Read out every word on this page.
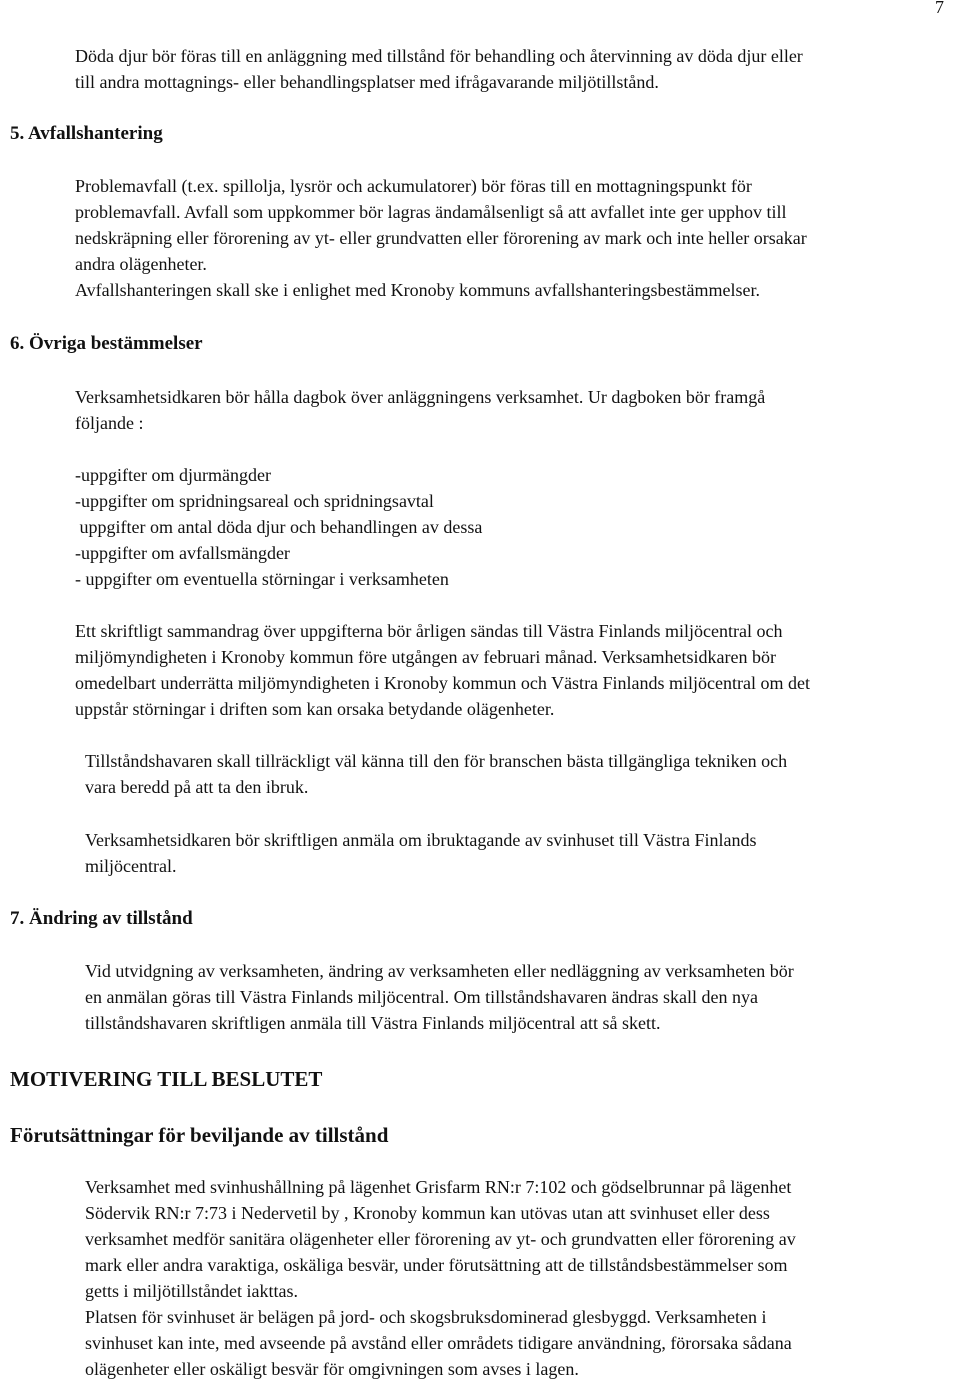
7

Döda djur bör föras till en anläggning med tillstånd för behandling och återvinning av döda djur eller
till andra mottagnings- eller behandlingsplatser med ifrågavarande miljötillstånd.
5. Avfallshantering
Problemavfall (t.ex. spillolja, lysrör och ackumulatorer) bör föras till en mottagningspunkt för
problemavfall. Avfall som uppkommer bör lagras ändamålsenligt så att avfallet inte ger upphov till
nedskräpning eller förorening av yt- eller grundvatten eller förorening av mark och inte heller orsakar
andra olägenheter.
Avfallshanteringen skall ske i enlighet med Kronoby kommuns avfallshanteringsbestämmelser.
6. Övriga bestämmelser
Verksamhetsidkaren bör hålla dagbok över anläggningens verksamhet. Ur dagboken bör framgå
följande :
-uppgifter om djurmängder
-uppgifter om spridningsareal och spridningsavtal
uppgifter om antal döda djur och behandlingen av dessa
-uppgifter om avfallsmängder
- uppgifter om eventuella störningar i verksamheten
Ett skriftligt sammandrag över uppgifterna bör årligen sändas till Västra Finlands miljöcentral och
miljömyndigheten i Kronoby kommun före utgången av februari månad. Verksamhetsidkaren bör
omedelbart underrätta miljömyndigheten i Kronoby kommun och Västra Finlands miljöcentral om det
uppstår störningar i driften som kan orsaka betydande olägenheter.
Tillståndshavaren skall tillräckligt väl känna till den för branschen bästa tillgängliga tekniken och
vara beredd på att ta den ibruk.
Verksamhetsidkaren bör skriftligen anmäla om ibruktagande av svinhuset till Västra Finlands
miljöcentral.
7. Ändring av tillstånd
Vid utvidgning av verksamheten, ändring av verksamheten eller nedläggning av verksamheten bör
en anmälan göras till Västra Finlands miljöcentral. Om tillståndshavaren ändras skall den nya
tillståndshavaren skriftligen anmäla till Västra Finlands miljöcentral att så skett.
MOTIVERING TILL BESLUTET
Förutsättningar för beviljande av tillstånd
Verksamhet med svinhushållning på lägenhet Grisfarm RN:r 7:102 och gödselbrunnar på lägenhet
Södervik RN:r 7:73 i Nedervetil by , Kronoby kommun kan utövas utan att svinhuset eller dess
verksamhet medför sanitära olägenheter eller förorening av yt- och grundvatten eller förorening av
mark eller andra varaktiga, oskäliga besvär, under förutsättning att de tillståndsbestämmelser som
getts i miljötillståndet iakttas.
Platsen för svinhuset är belägen på jord- och skogsbruksdominerad glesbyggd. Verksamheten i
svinhuset kan inte, med avseende på avstånd eller områdets tidigare användning, förorsaka sådana
olägenheter eller oskäligt besvär för omgivningen som avses i lagen.
